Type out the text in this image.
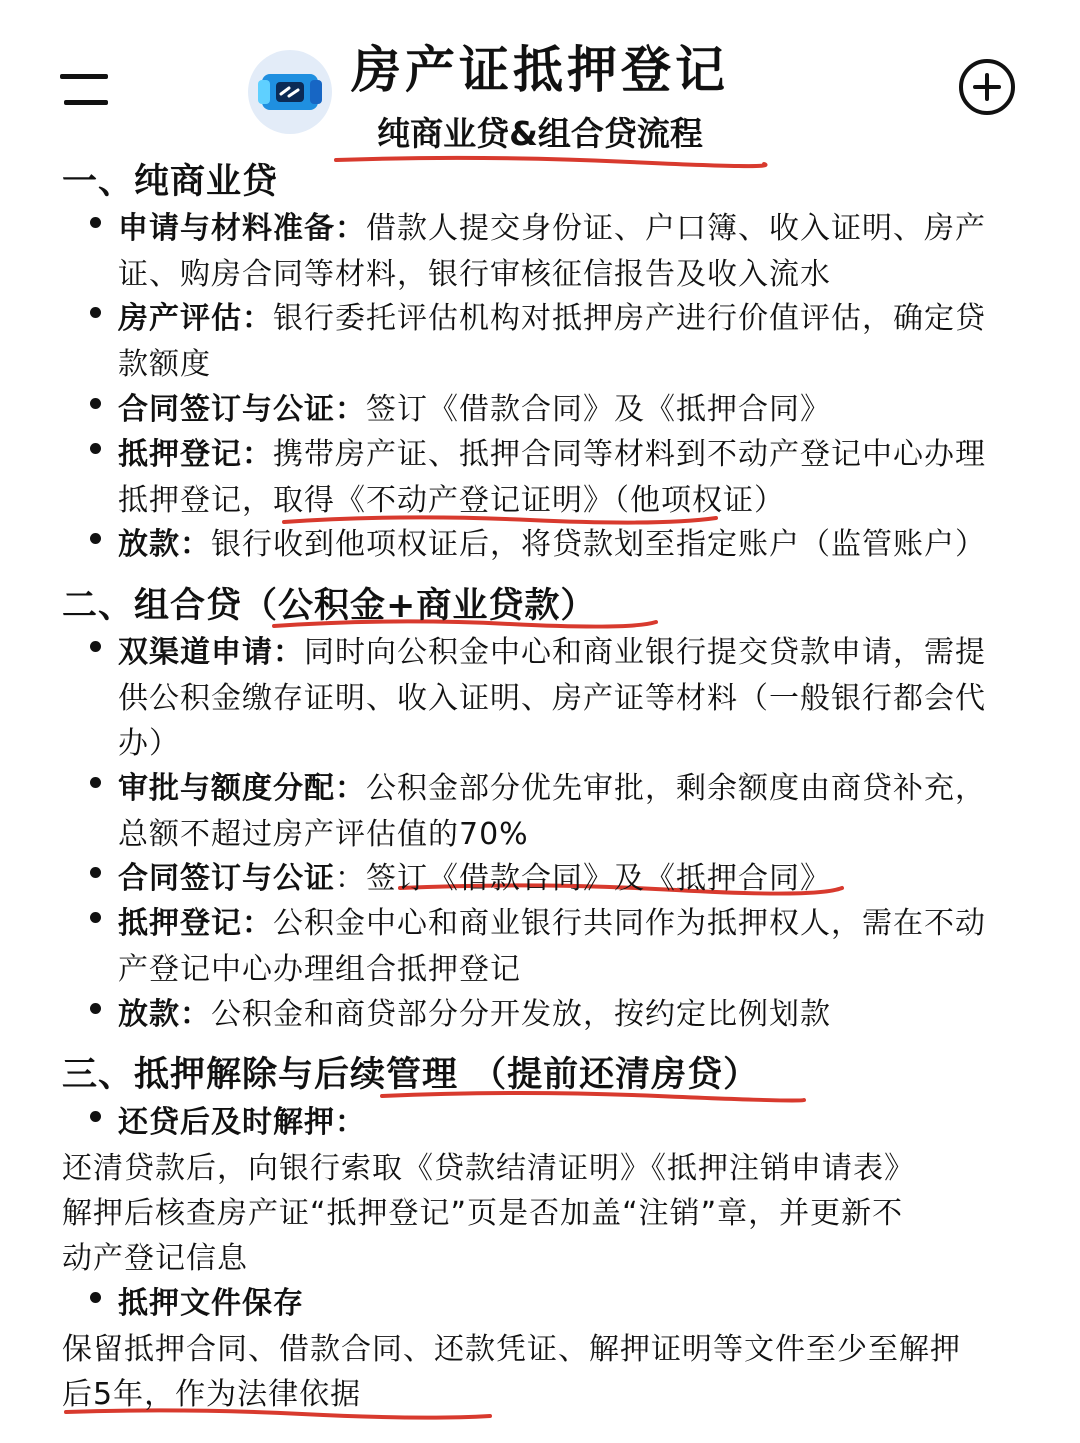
房产证抵押登记
纯商业贷&组合贷流程
一、纯商业贷
申请与材料准备：借款人提交身份证、户口簿、收入证明、房产
证、购房合同等材料，银行审核征信报告及收入流水
房产评估：银行委托评估机构对抵押房产进行价值评估，确定贷
款额度
合同签订与公证：签订《借款合同》及《抵押合同》
抵押登记：携带房产证、抵押合同等材料到不动产登记中心办理
抵押登记，取得《不动产登记证明》（他项权证）
放款：银行收到他项权证后，将贷款划至指定账户（监管账户）
二、组合贷（公积金+商业贷款）
双渠道申请：同时向公积金中心和商业银行提交贷款申请，需提
供公积金缴存证明、收入证明、房产证等材料（一般银行都会代
办）
审批与额度分配：公积金部分优先审批，剩余额度由商贷补充，
总额不超过房产评估值的70%
合同签订与公证：签订《借款合同》及《抵押合同》
抵押登记：公积金中心和商业银行共同作为抵押权人，需在不动
产登记中心办理组合抵押登记
放款：公积金和商贷部分分开发放，按约定比例划款
三、抵押解除与后续管理 （提前还清房贷）
还贷后及时解押：
还清贷款后，向银行索取《贷款结清证明》《抵押注销申请表》
解押后核查房产证“抵押登记”页是否加盖“注销”章，并更新不
动产登记信息
抵押文件保存
保留抵押合同、借款合同、还款凭证、解押证明等文件至少至解押
后5年，作为法律依据
